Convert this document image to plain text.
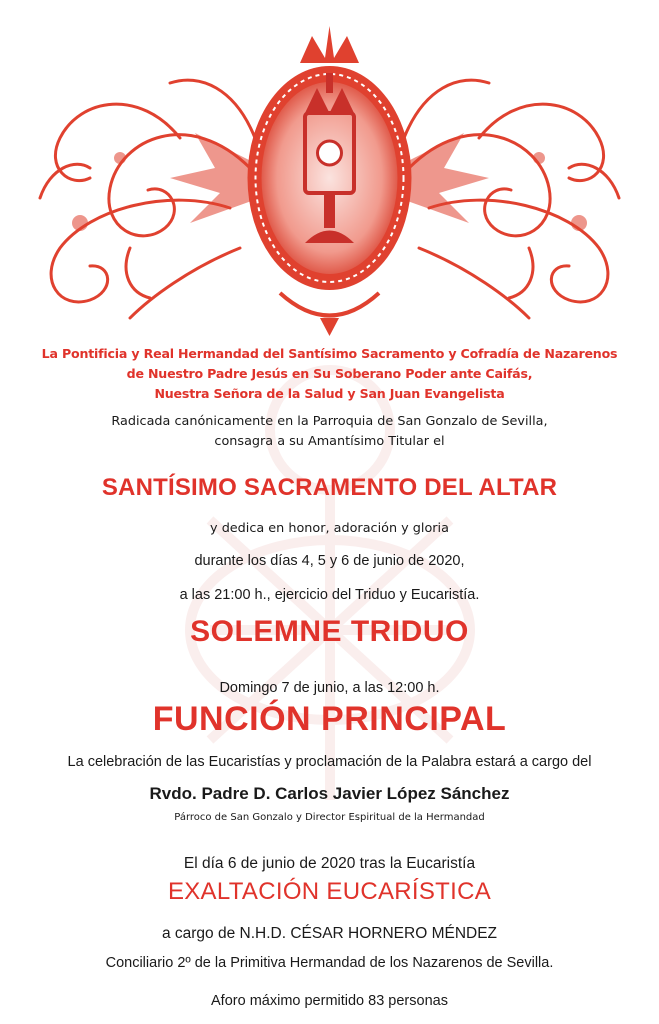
La Pontificia y Real Hermandad del Santísimo Sacramento y Cofradía de Nazarenos
de Nuestro Padre Jesús en Su Soberano Poder ante Caifás,
Nuestra Señora de la Salud y San Juan Evangelista
Radicada canónicamente en la Parroquia de San Gonzalo de Sevilla,
consagra a su Amantísimo Titular el
SANTÍSIMO SACRAMENTO DEL ALTAR
y dedica en honor, adoración y gloria
durante los días 4, 5 y 6 de junio de 2020,
a las 21:00 h., ejercicio del Triduo y Eucaristía.
SOLEMNE TRIDUO
Domingo 7 de junio, a las 12:00 h.
FUNCIÓN PRINCIPAL
La celebración de las Eucaristías y proclamación de la Palabra estará a cargo del
Rvdo. Padre D. Carlos Javier López Sánchez
Párroco de San Gonzalo y Director Espiritual de la Hermandad
El día 6 de junio de 2020 tras la Eucaristía
EXALTACIÓN EUCARÍSTICA
a cargo de N.H.D. CÉSAR HORNERO MÉNDEZ
Conciliario 2º de la Primitiva Hermandad de los Nazarenos de Sevilla.
Aforo máximo permitido 83 personas
